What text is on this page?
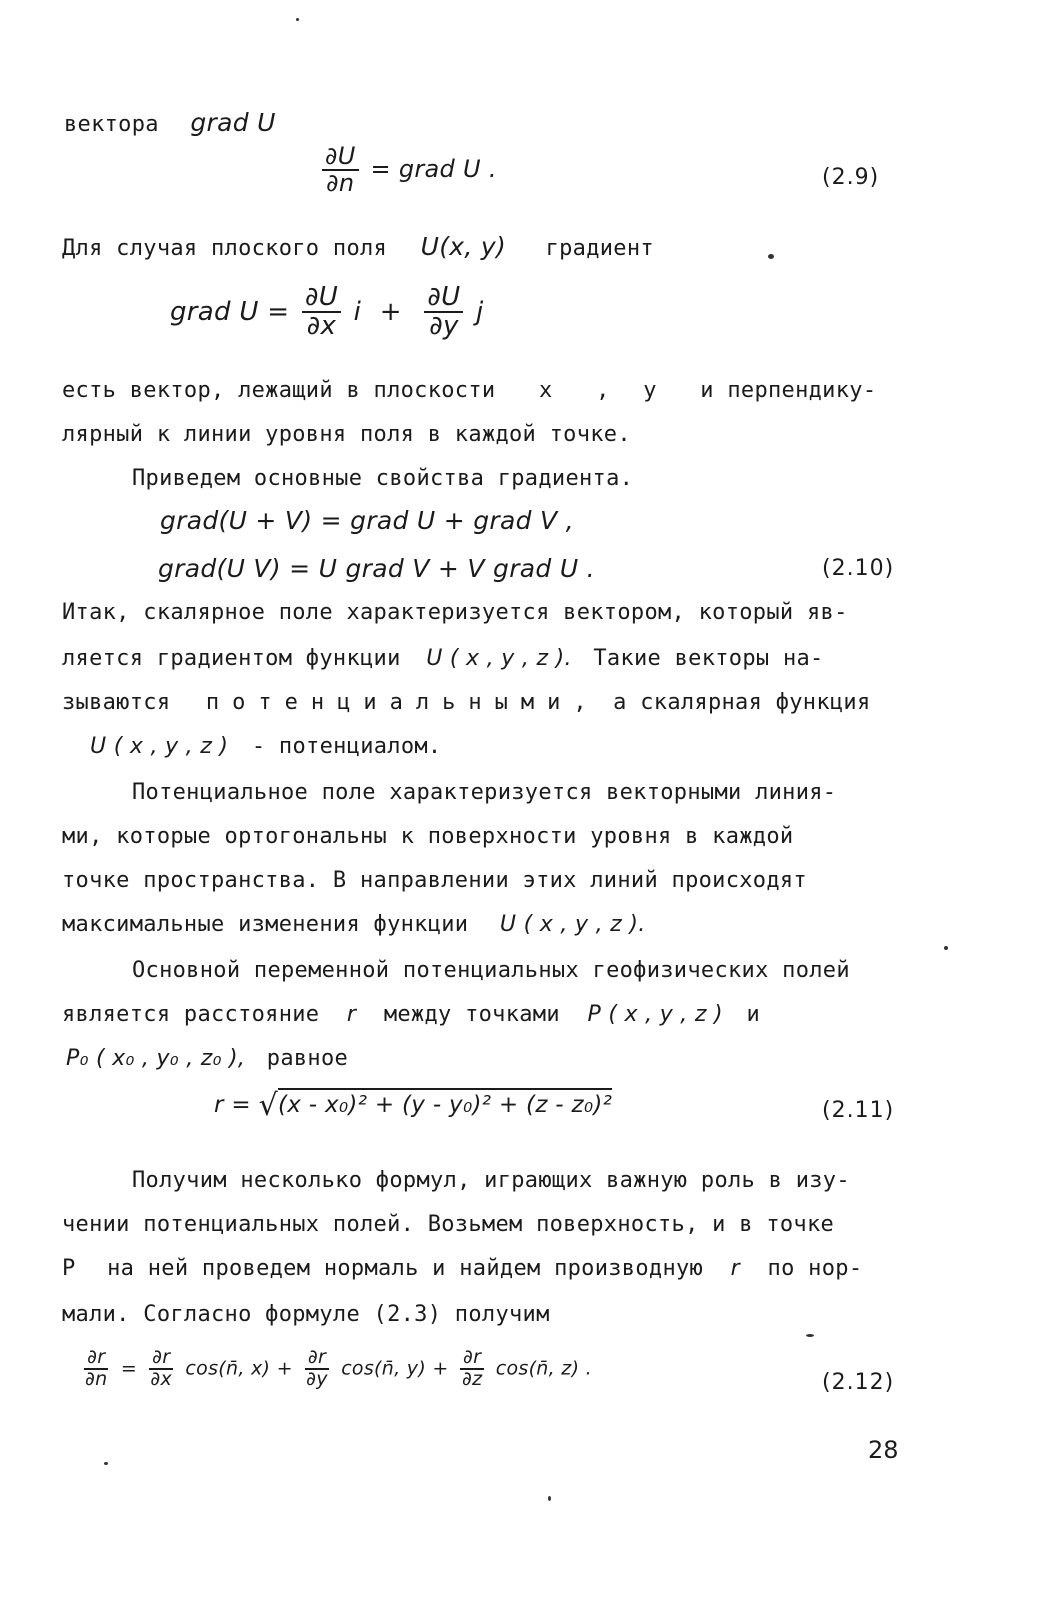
вектора grad U
$\frac{\partial U}{\partial n}$ = grad U .	(2.9)
Для случая плоского поля U(x, y) градиент
grad $U = \frac{\partial U}{\partial x}$ $i + \frac{\partial U}{\partial y}$ j
есть вектор, лежащий в плоскости x , y и перпендику-
лярный к линии уровня поля в каждой точке.
Приведем основные свойства градиента.
grad(U + V) = grad U + grad V ,
grad(U V) = U grad V + V grad U .	(2.10)
Итак, скалярное поле характеризуется вектором, который яв-
ляется градиентом функции U ( x , y , z ). Такие векторы на-
зываются потенциальными, а скалярная функция
U ( x , y , z ) - потенциалом.
Потенциальное поле характеризуется векторными линия-
ми, которые ортогональны к поверхности уровня в каждой
точке пространства. В направлении этих линий происходят
максимальные изменения функции U ( x , y , z ).
Основной переменной потенциальных геофизических полей
является расстояние r между точками P ( x , y , z ) и
P₀ ( x₀ , y₀ , z₀ ), равное
r = √(x - x₀)² + (y - y₀)² + (z - z₀)²	(2.11)
Получим несколько формул, играющих важную роль в изу-
чении потенциальных полей. Возьмем поверхность, и в точке
P на ней проведем нормаль и найдем производную r по нор-
мали. Согласно формуле (2.3) получим
$\frac{\partial r}{\partial n} = \frac{\partial r}{\partial x}$ cos(n̄, $x) + \frac{\partial r}{\partial y}$ cos(n̄, $y) + \frac{\partial r}{\partial z}$ cos(n̄, z) .
(2.12)
28
